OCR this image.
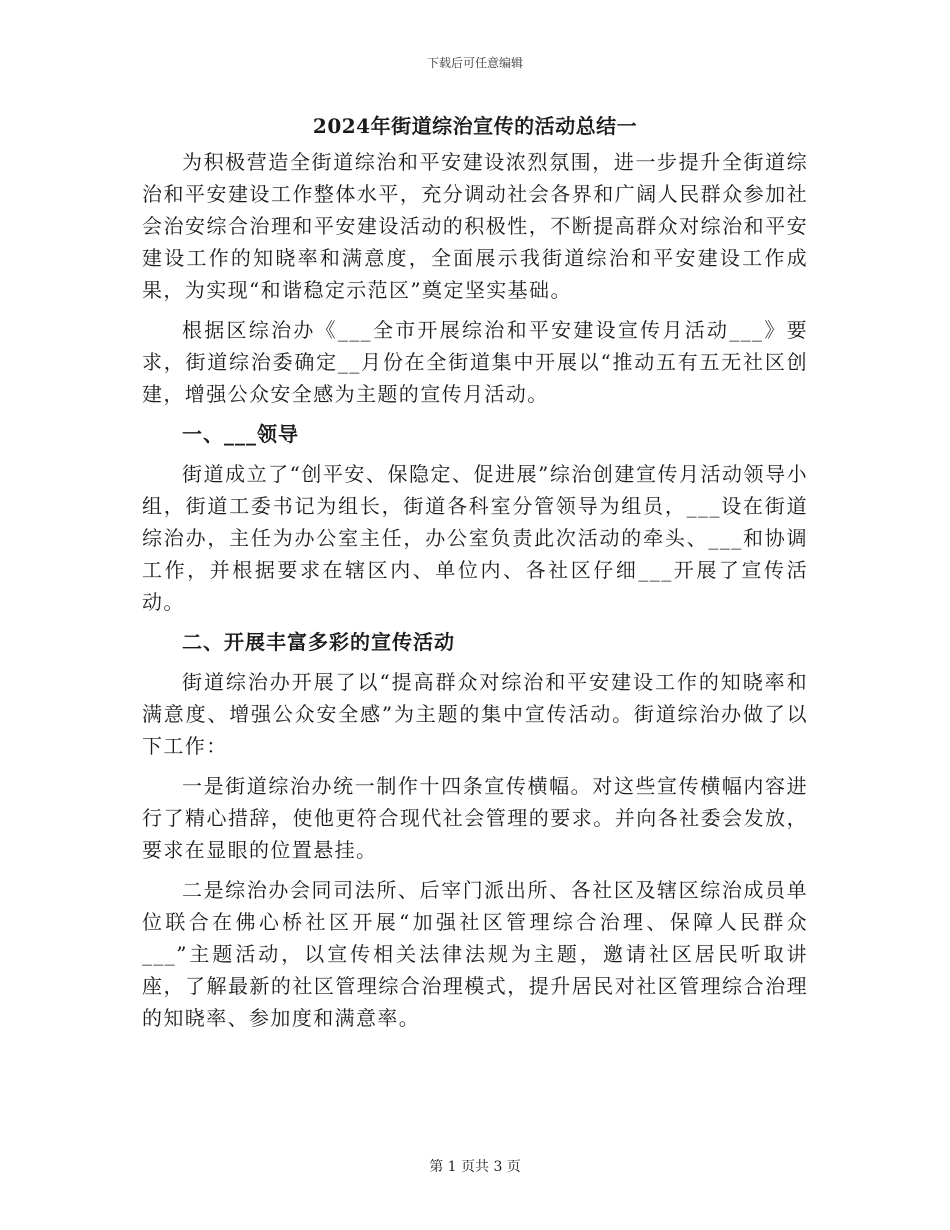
下载后可任意编辑
2024年街道综治宣传的活动总结一

为积极营造全街道综治和平安建设浓烈氛围，进一步提升全街道综治和平安建设工作整体水平，充分调动社会各界和广阔人民群众参加社会治安综合治理和平安建设活动的积极性，不断提高群众对综治和平安建设工作的知晓率和满意度，全面展示我街道综治和平安建设工作成果，为实现“和谐稳定示范区”奠定坚实基础。

根据区综治办《___全市开展综治和平安建设宣传月活动___》要求，街道综治委确定__月份在全街道集中开展以“推动五有五无社区创建，增强公众安全感为主题的宣传月活动。

一、___领导

街道成立了“创平安、保隐定、促进展”综治创建宣传月活动领导小组，街道工委书记为组长，街道各科室分管领导为组员，___设在街道综治办，主任为办公室主任，办公室负责此次活动的牵头、___和协调工作，并根据要求在辖区内、单位内、各社区仔细___开展了宣传活动。

二、开展丰富多彩的宣传活动

街道综治办开展了以“提高群众对综治和平安建设工作的知晓率和满意度、增强公众安全感”为主题的集中宣传活动。街道综治办做了以下工作：

一是街道综治办统一制作十四条宣传横幅。对这些宣传横幅内容进行了精心措辞，使他更符合现代社会管理的要求。并向各社委会发放，要求在显眼的位置悬挂。

二是综治办会同司法所、后宰门派出所、各社区及辖区综治成员单位联合在佛心桥社区开展“加强社区管理综合治理、保障人民群众___”主题活动，以宣传相关法律法规为主题，邀请社区居民听取讲座，了解最新的社区管理综合治理模式，提升居民对社区管理综合治理的知晓率、参加度和满意率。

第 1 页共 3 页
